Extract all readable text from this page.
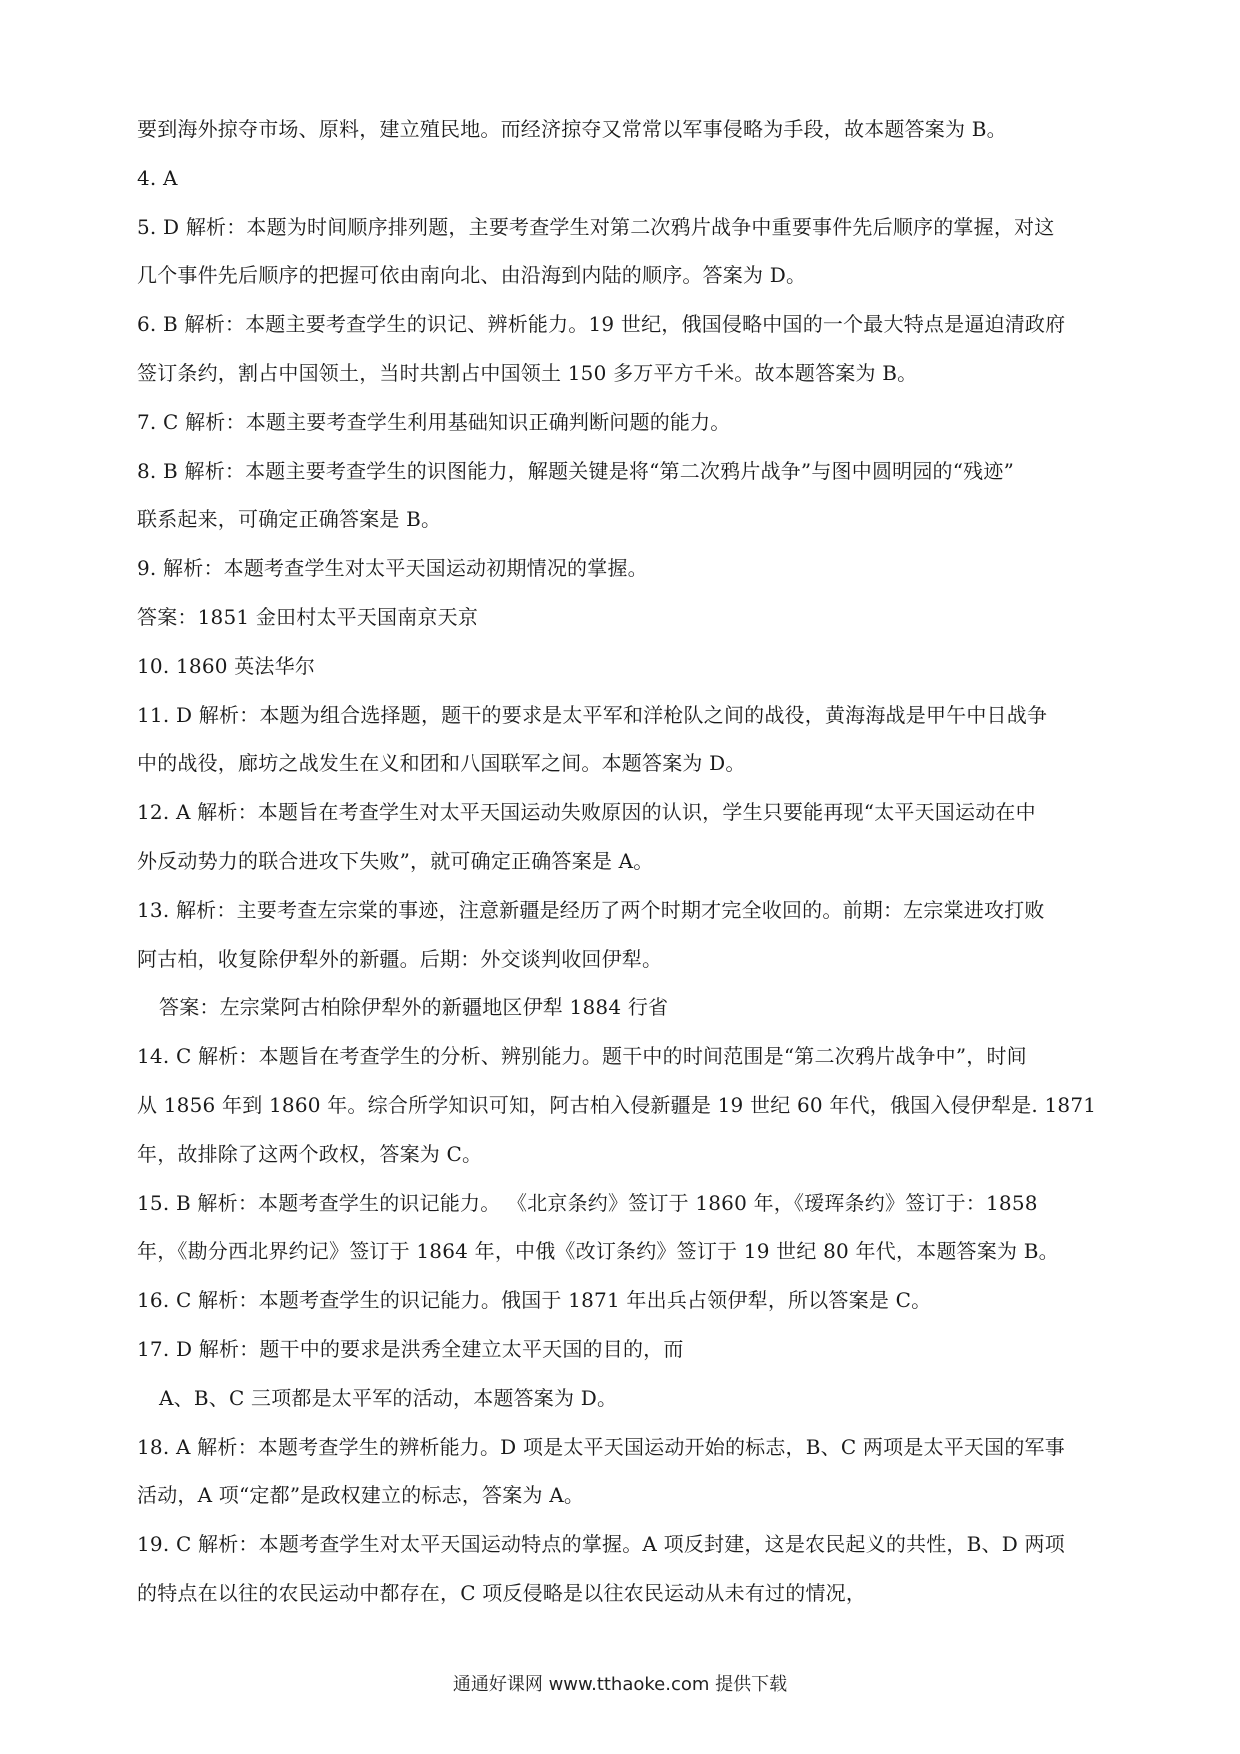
要到海外掠夺市场、原料，建立殖民地。而经济掠夺又常常以军事侵略为手段，故本题答案为 B。
4. A
5. D 解析：本题为时间顺序排列题，主要考查学生对第二次鸦片战争中重要事件先后顺序的掌握，对这
几个事件先后顺序的把握可依由南向北、由沿海到内陆的顺序。答案为 D。
6. B 解析：本题主要考查学生的识记、辨析能力。19 世纪，俄国侵略中国的一个最大特点是逼迫清政府
签订条约，割占中国领土，当时共割占中国领土 150 多万平方千米。故本题答案为 B。
7. C 解析：本题主要考查学生利用基础知识正确判断问题的能力。
8. B 解析：本题主要考查学生的识图能力，解题关键是将“第二次鸦片战争”与图中圆明园的“残迹”
联系起来，可确定正确答案是 B。
9. 解析：本题考查学生对太平天国运动初期情况的掌握。
答案：1851 金田村太平天国南京天京
10. 1860 英法华尔
11. D 解析：本题为组合选择题，题干的要求是太平军和洋枪队之间的战役，黄海海战是甲午中日战争
中的战役，廊坊之战发生在义和团和八国联军之间。本题答案为 D。
12. A 解析：本题旨在考查学生对太平天国运动失败原因的认识，学生只要能再现“太平天国运动在中
外反动势力的联合进攻下失败”，就可确定正确答案是 A。
13. 解析：主要考查左宗棠的事迹，注意新疆是经历了两个时期才完全收回的。前期：左宗棠进攻打败
阿古柏，收复除伊犁外的新疆。后期：外交谈判收回伊犁。
答案：左宗棠阿古柏除伊犁外的新疆地区伊犁 1884 行省
14. C 解析：本题旨在考查学生的分析、辨别能力。题干中的时间范围是“第二次鸦片战争中”，时间
从 1856 年到 1860 年。综合所学知识可知，阿古柏入侵新疆是 19 世纪 60 年代，俄国入侵伊犁是. 1871
年，故排除了这两个政权，答案为 C。
15. B 解析：本题考查学生的识记能力。 《北京条约》签订于 1860 年，《瑷珲条约》签订于：1858
年，《勘分西北界约记》签订于 1864 年，中俄《改订条约》签订于 19 世纪 80 年代，本题答案为 B。
16. C 解析：本题考查学生的识记能力。俄国于 1871 年出兵占领伊犁，所以答案是 C。
17. D 解析：题干中的要求是洪秀全建立太平天国的目的，而
A、B、C 三项都是太平军的活动，本题答案为 D。
18. A 解析：本题考查学生的辨析能力。D 项是太平天国运动开始的标志，B、C 两项是太平天国的军事
活动，A 项“定都”是政权建立的标志，答案为 A。
19. C 解析：本题考查学生对太平天国运动特点的掌握。A 项反封建，这是农民起义的共性，B、D 两项
的特点在以往的农民运动中都存在，C 项反侵略是以往农民运动从未有过的情况，
通通好课网 www.tthaoke.com 提供下载
